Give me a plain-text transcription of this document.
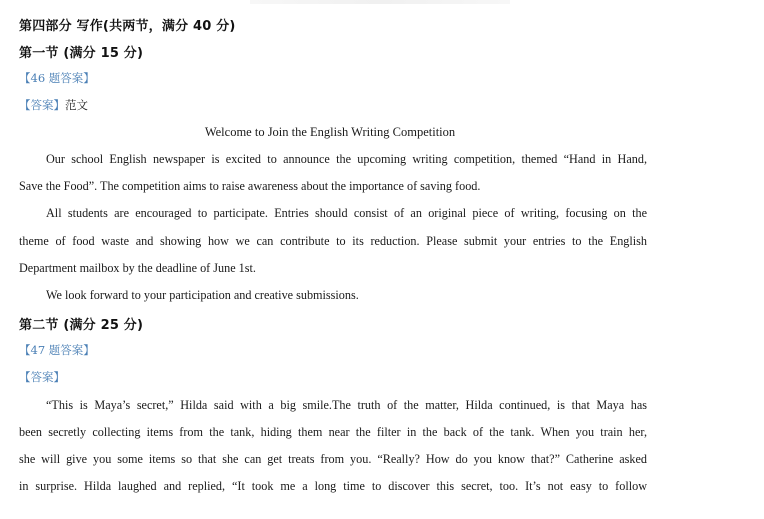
第四部分 写作(共两节，满分 40 分)
第一节 (满分 15 分)
【46 题答案】
【答案】范文
Welcome to Join the English Writing Competition
Our school English newspaper is excited to announce the upcoming writing competition, themed “Hand in Hand,
Save the Food”. The competition aims to raise awareness about the importance of saving food.
All students are encouraged to participate. Entries should consist of an original piece of writing, focusing on the
theme of food waste and showing how we can contribute to its reduction. Please submit your entries to the English
Department mailbox by the deadline of June 1st.
We look forward to your participation and creative submissions.
第二节 (满分 25 分)
【47 题答案】
【答案】
“This is Maya’s secret,” Hilda said with a big smile.The truth of the matter, Hilda continued, is that Maya has
been secretly collecting items from the tank, hiding them near the filter in the back of the tank. When you train her,
she will give you some items so that she can get treats from you. “Really? How do you know that?” Catherine asked
in surprise. Hilda laughed and replied, “It took me a long time to discover this secret, too. It’s not easy to follow
